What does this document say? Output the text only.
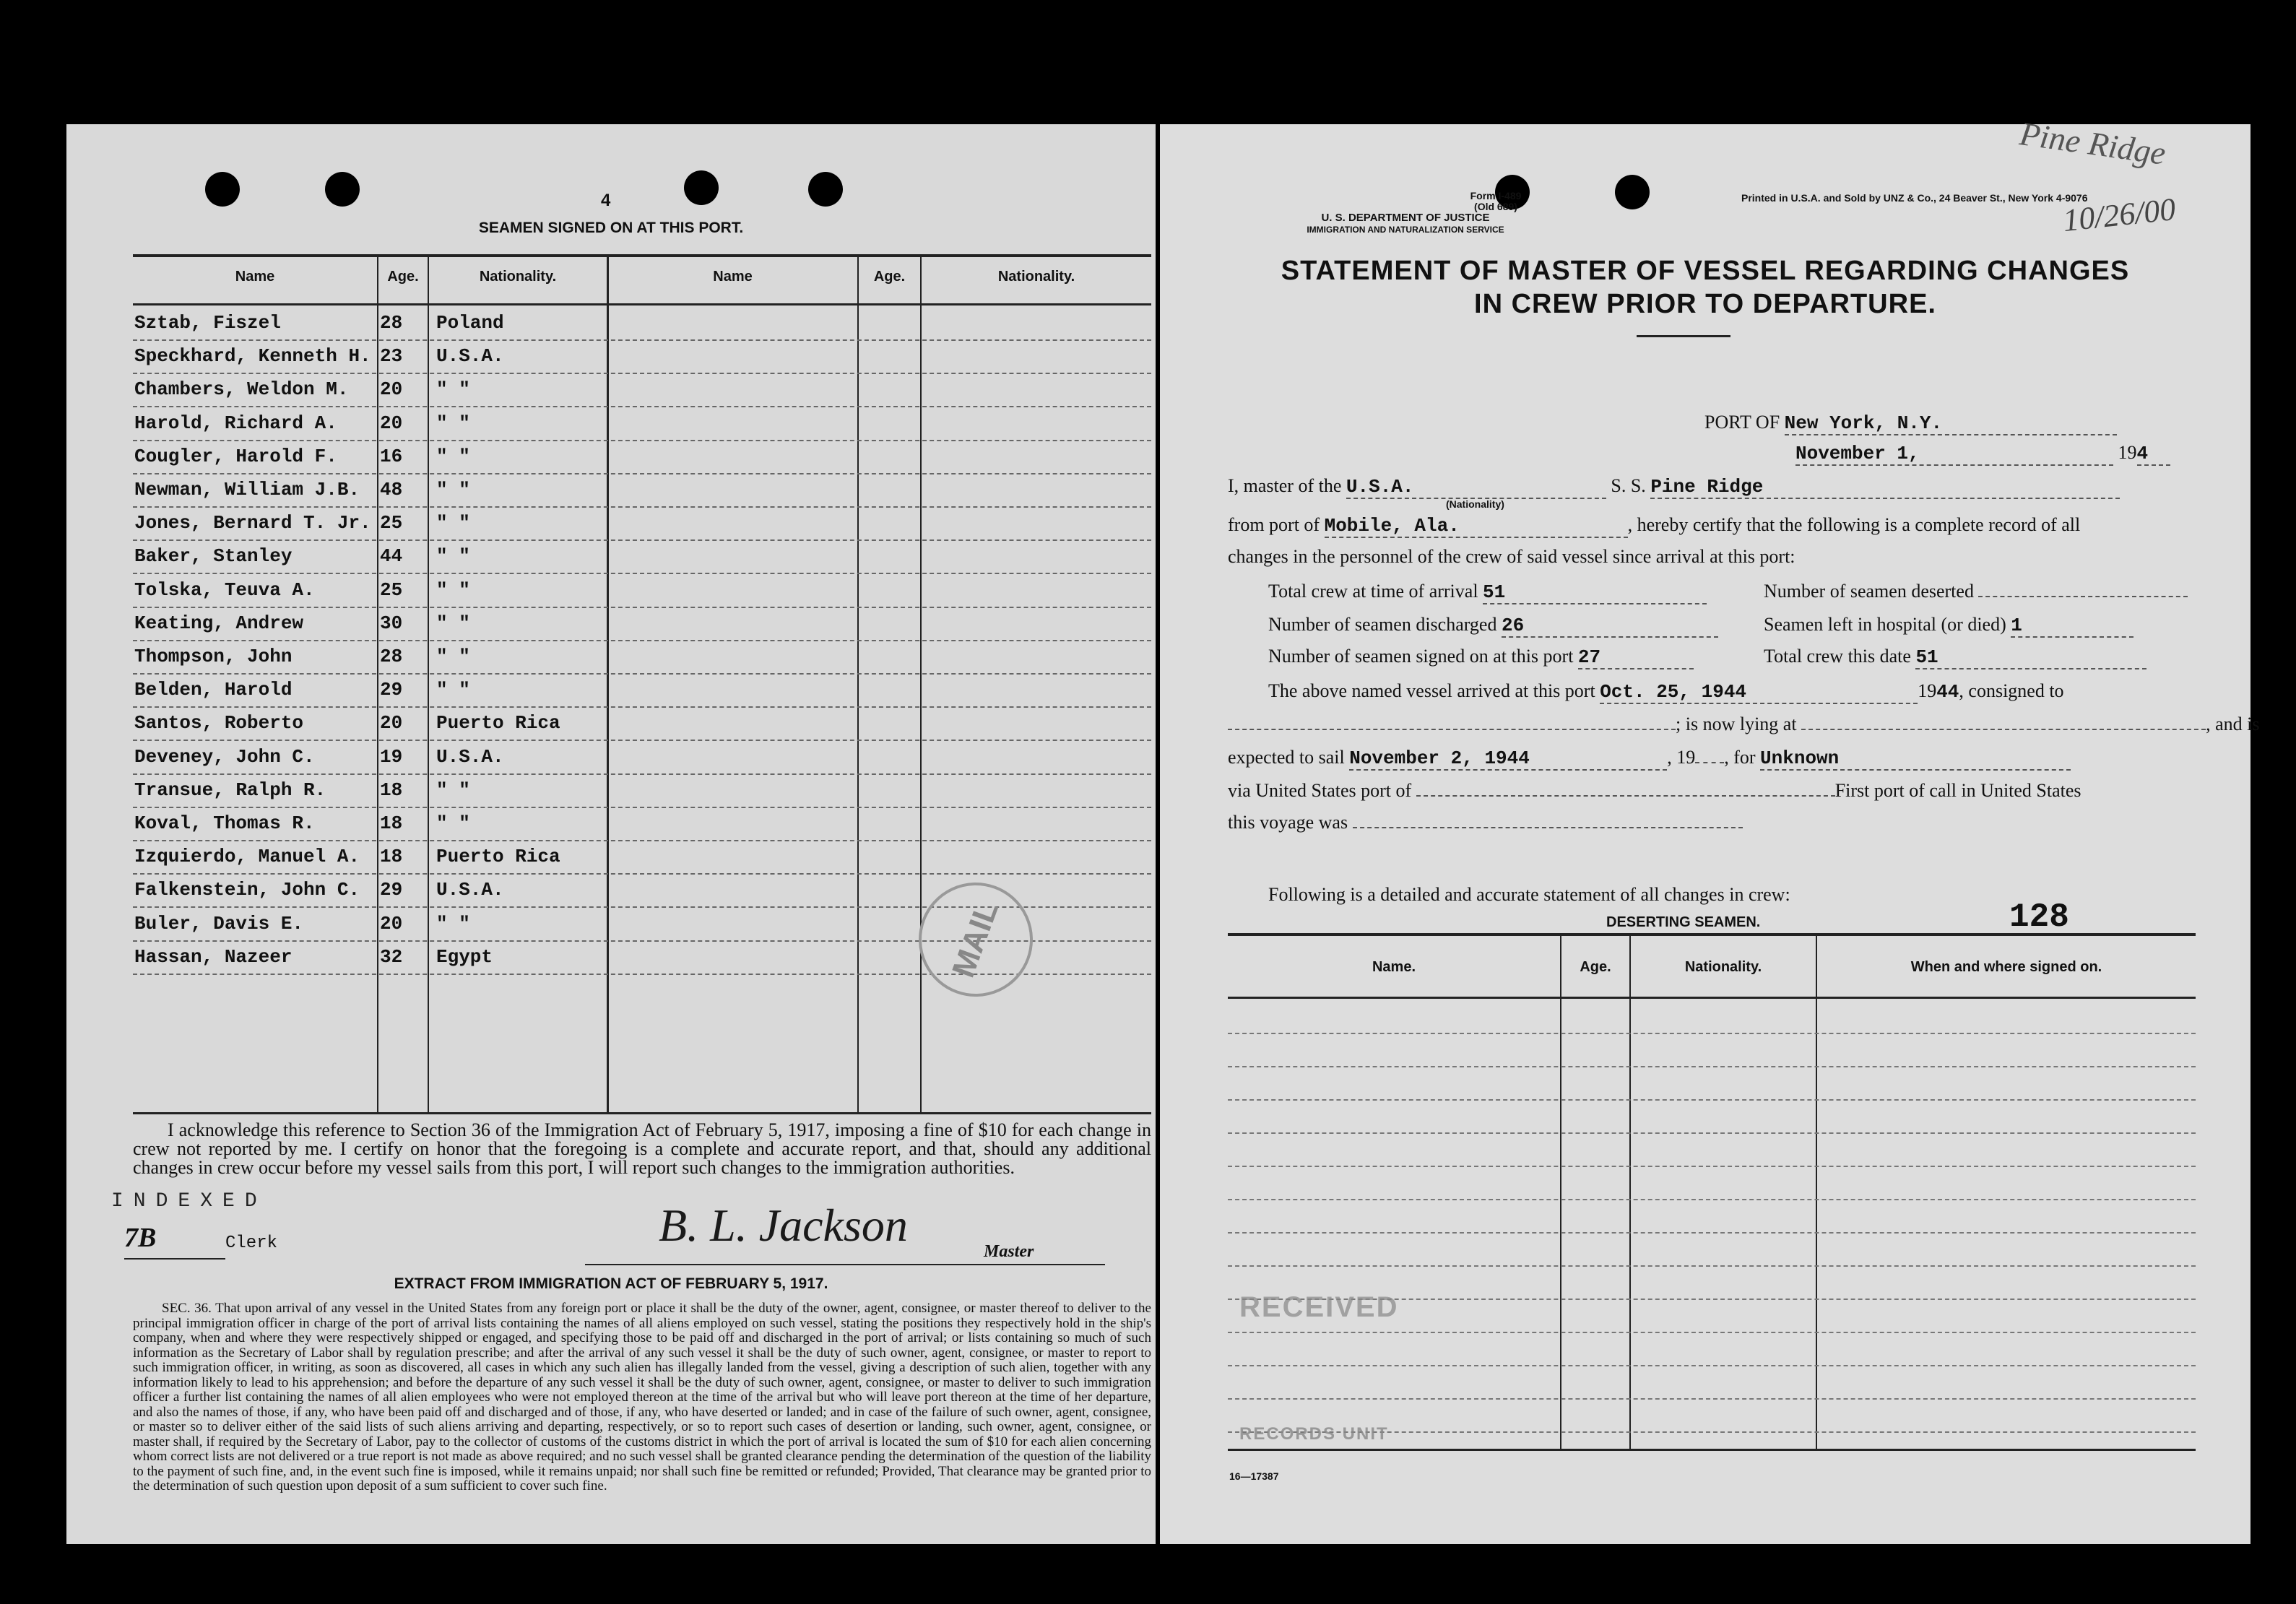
4
SEAMEN SIGNED ON AT THIS PORT.
Name	Age.	Nationality.	Name	Age.	Nationality.
Sztab, Fiszel	28 Poland
Speckhard, Kenneth H. 23 U.S.A.
Chambers, Weldon M. 20 " "
Harold, Richard A. 20 " "
Cougler, Harold F. 16 " "
Newman, William J.B. 48 " "
Jones, Bernard T. Jr. 25 " "
Baker, Stanley	44 " "
Tolska, Teuva A.	25 " "
Keating, Andrew	30 " "
Thompson, John	28 " "
Belden, Harold	29 " "
Santos, Roberto	20 Puerto Rica
Deveney, John C.	19 U.S.A.
Transue, Ralph R.	18 " "
Koval, Thomas R.	18 " "
Izquierdo, Manuel A. 18 Puerto Rica
Falkenstein, John C. 29 U.S.A.
Buler, Davis E.	20 " "
Hassan, Nazeer	32 Egypt
I acknowledge this reference to Section 36 of the Immigration Act of February 5, 1917, imposing a fine of $10 for each change in crew not reported by me. I certify on honor that the foregoing is a complete and accurate report, and that, should any additional changes in crew occur before my vessel sails from this port, I will report such changes to the immigration authorities.
INDEXED
7B	Clerk	B. L. Jackson
Master
EXTRACT FROM IMMIGRATION ACT OF FEBRUARY 5, 1917.
SEC. 36. That upon arrival of any vessel in the United States from any foreign port or place it shall be the duty of the owner, agent, consignee, or master thereof to deliver to the principal immigration officer in charge of the port of arrival lists containing the names of all aliens employed on such vessel, stating the positions they respectively hold in the ship's company, when and where they were respectively shipped or engaged, and specifying those to be paid off and discharged in the port of arrival; or lists containing so much of such information as the Secretary of Labor shall by regulation prescribe; and after the arrival of any such vessel it shall be the duty of such owner, agent, consignee, or master to report to such immigration officer, in writing, as soon as discovered, all cases in which any such alien has illegally landed from the vessel, giving a description of such alien, together with any information likely to lead to his apprehension; and before the departure of any such vessel it shall be the duty of such owner, agent, consignee, or master to deliver to such immigration officer a further list containing the names of all alien employees who were not employed thereon at the time of the arrival but who will leave port thereon at the time of her departure, and also the names of those, if any, who have been paid off and discharged and of those, if any, who have deserted or landed; and in case of the failure of such owner, agent, consignee, or master so to deliver either of the said lists of such aliens arriving and departing, respectively, or so to report such cases of desertion or landing, such owner, agent, consignee, or master shall, if required by the Secretary of Labor, pay to the collector of customs of the customs district in which the port of arrival is located the sum of $10 for each alien concerning whom correct lists are not delivered or a true report is not made as above required; and no such vessel shall be granted clearance pending the determination of the question of the liability to the payment of such fine, and, in the event such fine is imposed, while it remains unpaid; nor shall such fine be remitted or refunded; Provided, That clearance may be granted prior to the determination of such question upon deposit of a sum sufficient to cover such fine.
MAIL
Form I-489
(Old 689)
U. S. DEPARTMENT OF JUSTICE
IMMIGRATION AND NATURALIZATION SERVICE
Printed in U.S.A. and Sold by UNZ & Co., 24 Beaver St., New York 4-9076
Pine Ridge
10/26/00
STATEMENT OF MASTER OF VESSEL REGARDING CHANGES
IN CREW PRIOR TO DEPARTURE.
PORT OF New York, N.Y.
November 1,	194
I, master of the U.S.A.	S. S. Pine Ridge
(Nationality)
from port of Mobile, Ala.	, hereby certify that the following is a complete record of all
changes in the personnel of the crew of said vessel since arrival at this port:
Total crew at time of arrival 51	Number of seamen deserted
Number of seamen discharged 26	Seamen left in hospital (or died) 1
Number of seamen signed on at this port 27	Total crew this date 51
The above named vessel arrived at this port Oct. 25, 1944	1944, consigned to
; is now lying at	, and is
expected to sail November 2, 1944	, 19 , for Unknown
via United States port of	First port of call in United States
this voyage was
Following is a detailed and accurate statement of all changes in crew:
DESERTING SEAMEN.	128
Name.	Age.	Nationality.	When and where signed on.
RECEIVED
RECORDS UNIT
16—17387
